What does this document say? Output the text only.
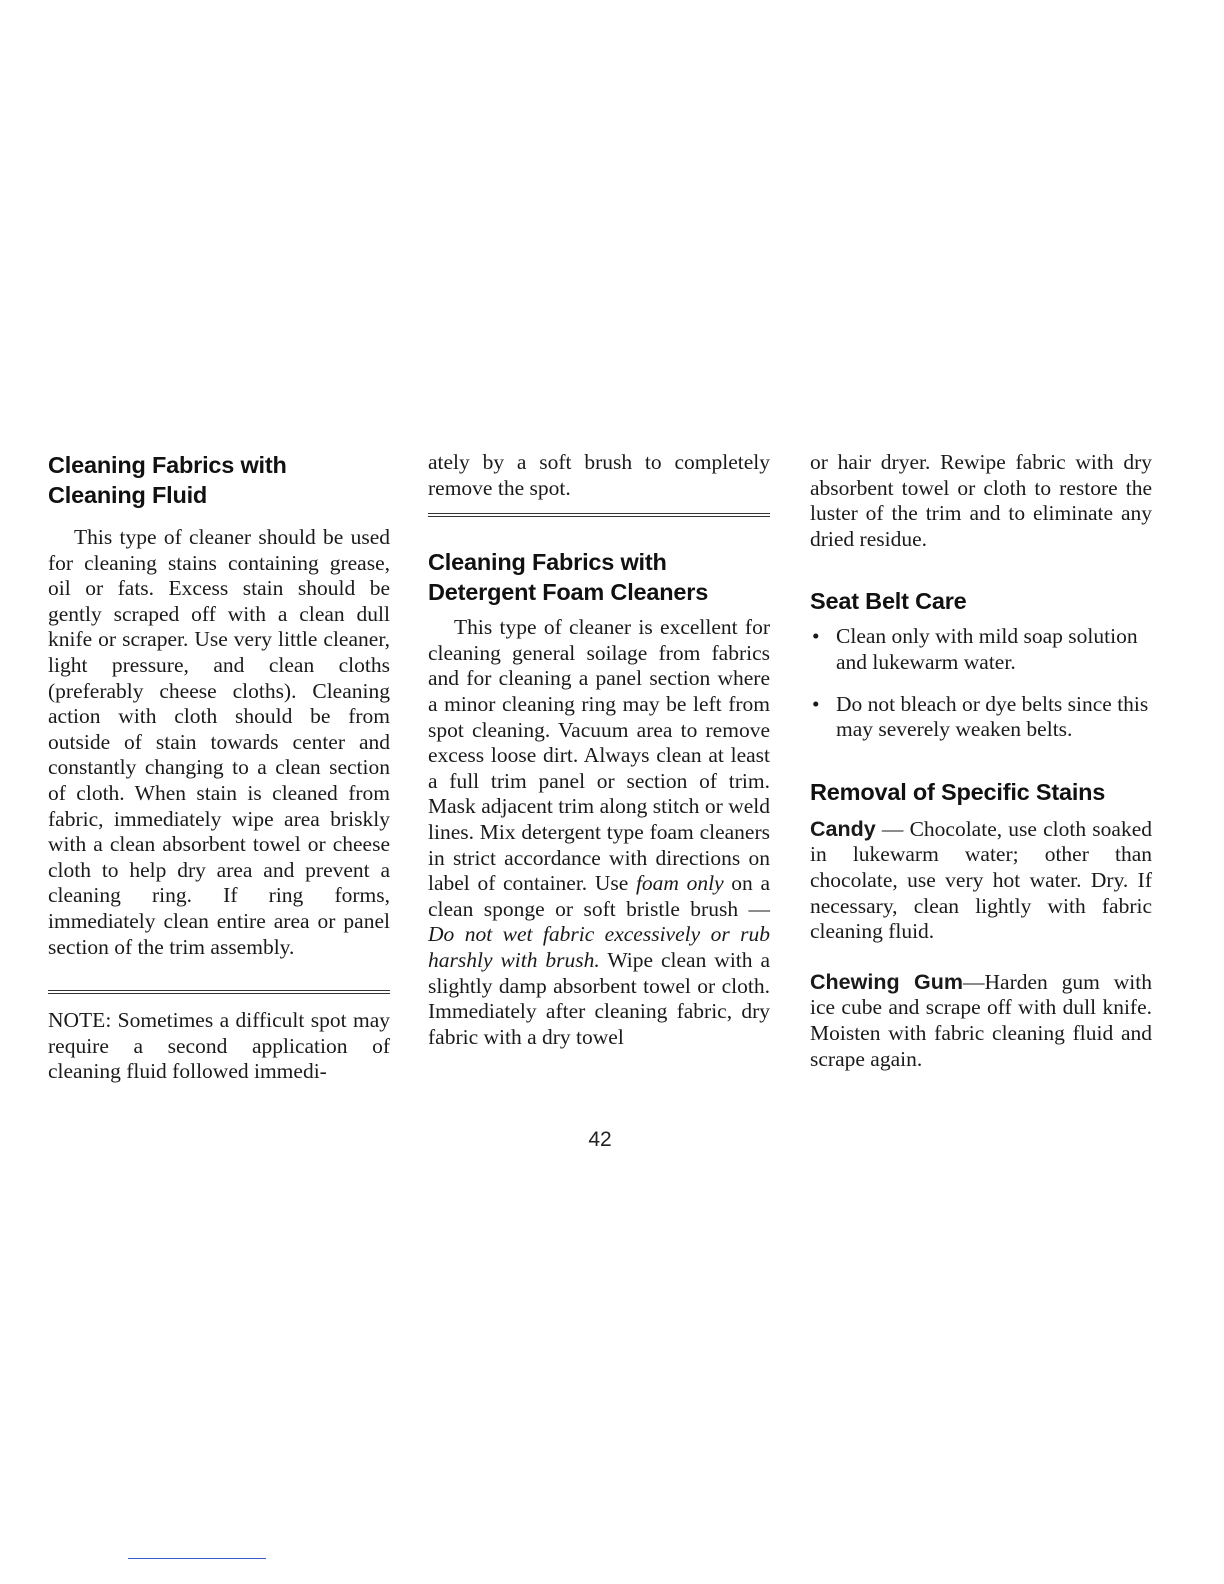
Cleaning Fabrics with
Cleaning Fluid

This type of cleaner should be used for cleaning stains containing grease, oil or fats. Excess stain should be gently scraped off with a clean dull knife or scraper. Use very little cleaner, light pressure, and clean cloths (preferably cheese cloths). Cleaning action with cloth should be from outside of stain towards center and constantly changing to a clean section of cloth. When stain is cleaned from fabric, immediately wipe area briskly with a clean absorbent towel or cheese cloth to help dry area and prevent a cleaning ring. If ring forms, immediately clean entire area or panel section of the trim assembly.

NOTE: Sometimes a difficult spot may require a second application of cleaning fluid followed immedi-

ately by a soft brush to completely remove the spot.

Cleaning Fabrics with
Detergent Foam Cleaners

This type of cleaner is excellent for cleaning general soilage from fabrics and for cleaning a panel section where a minor cleaning ring may be left from spot cleaning. Vacuum area to remove excess loose dirt. Always clean at least a full trim panel or section of trim. Mask adjacent trim along stitch or weld lines. Mix detergent type foam cleaners in strict accordance with directions on label of container. Use foam only on a clean sponge or soft bristle brush — Do not wet fabric excessively or rub harshly with brush. Wipe clean with a slightly damp absorbent towel or cloth. Immediately after cleaning fabric, dry fabric with a dry towel

or hair dryer. Rewipe fabric with dry absorbent towel or cloth to restore the luster of the trim and to eliminate any dried residue.

Seat Belt Care
• Clean only with mild soap solution and lukewarm water.
• Do not bleach or dye belts since this may severely weaken belts.
Removal of Specific Stains

Candy — Chocolate, use cloth soaked in lukewarm water; other than chocolate, use very hot water. Dry. If necessary, clean lightly with fabric cleaning fluid.

Chewing Gum—Harden gum with ice cube and scrape off with dull knife. Moisten with fabric cleaning fluid and scrape again.

42
